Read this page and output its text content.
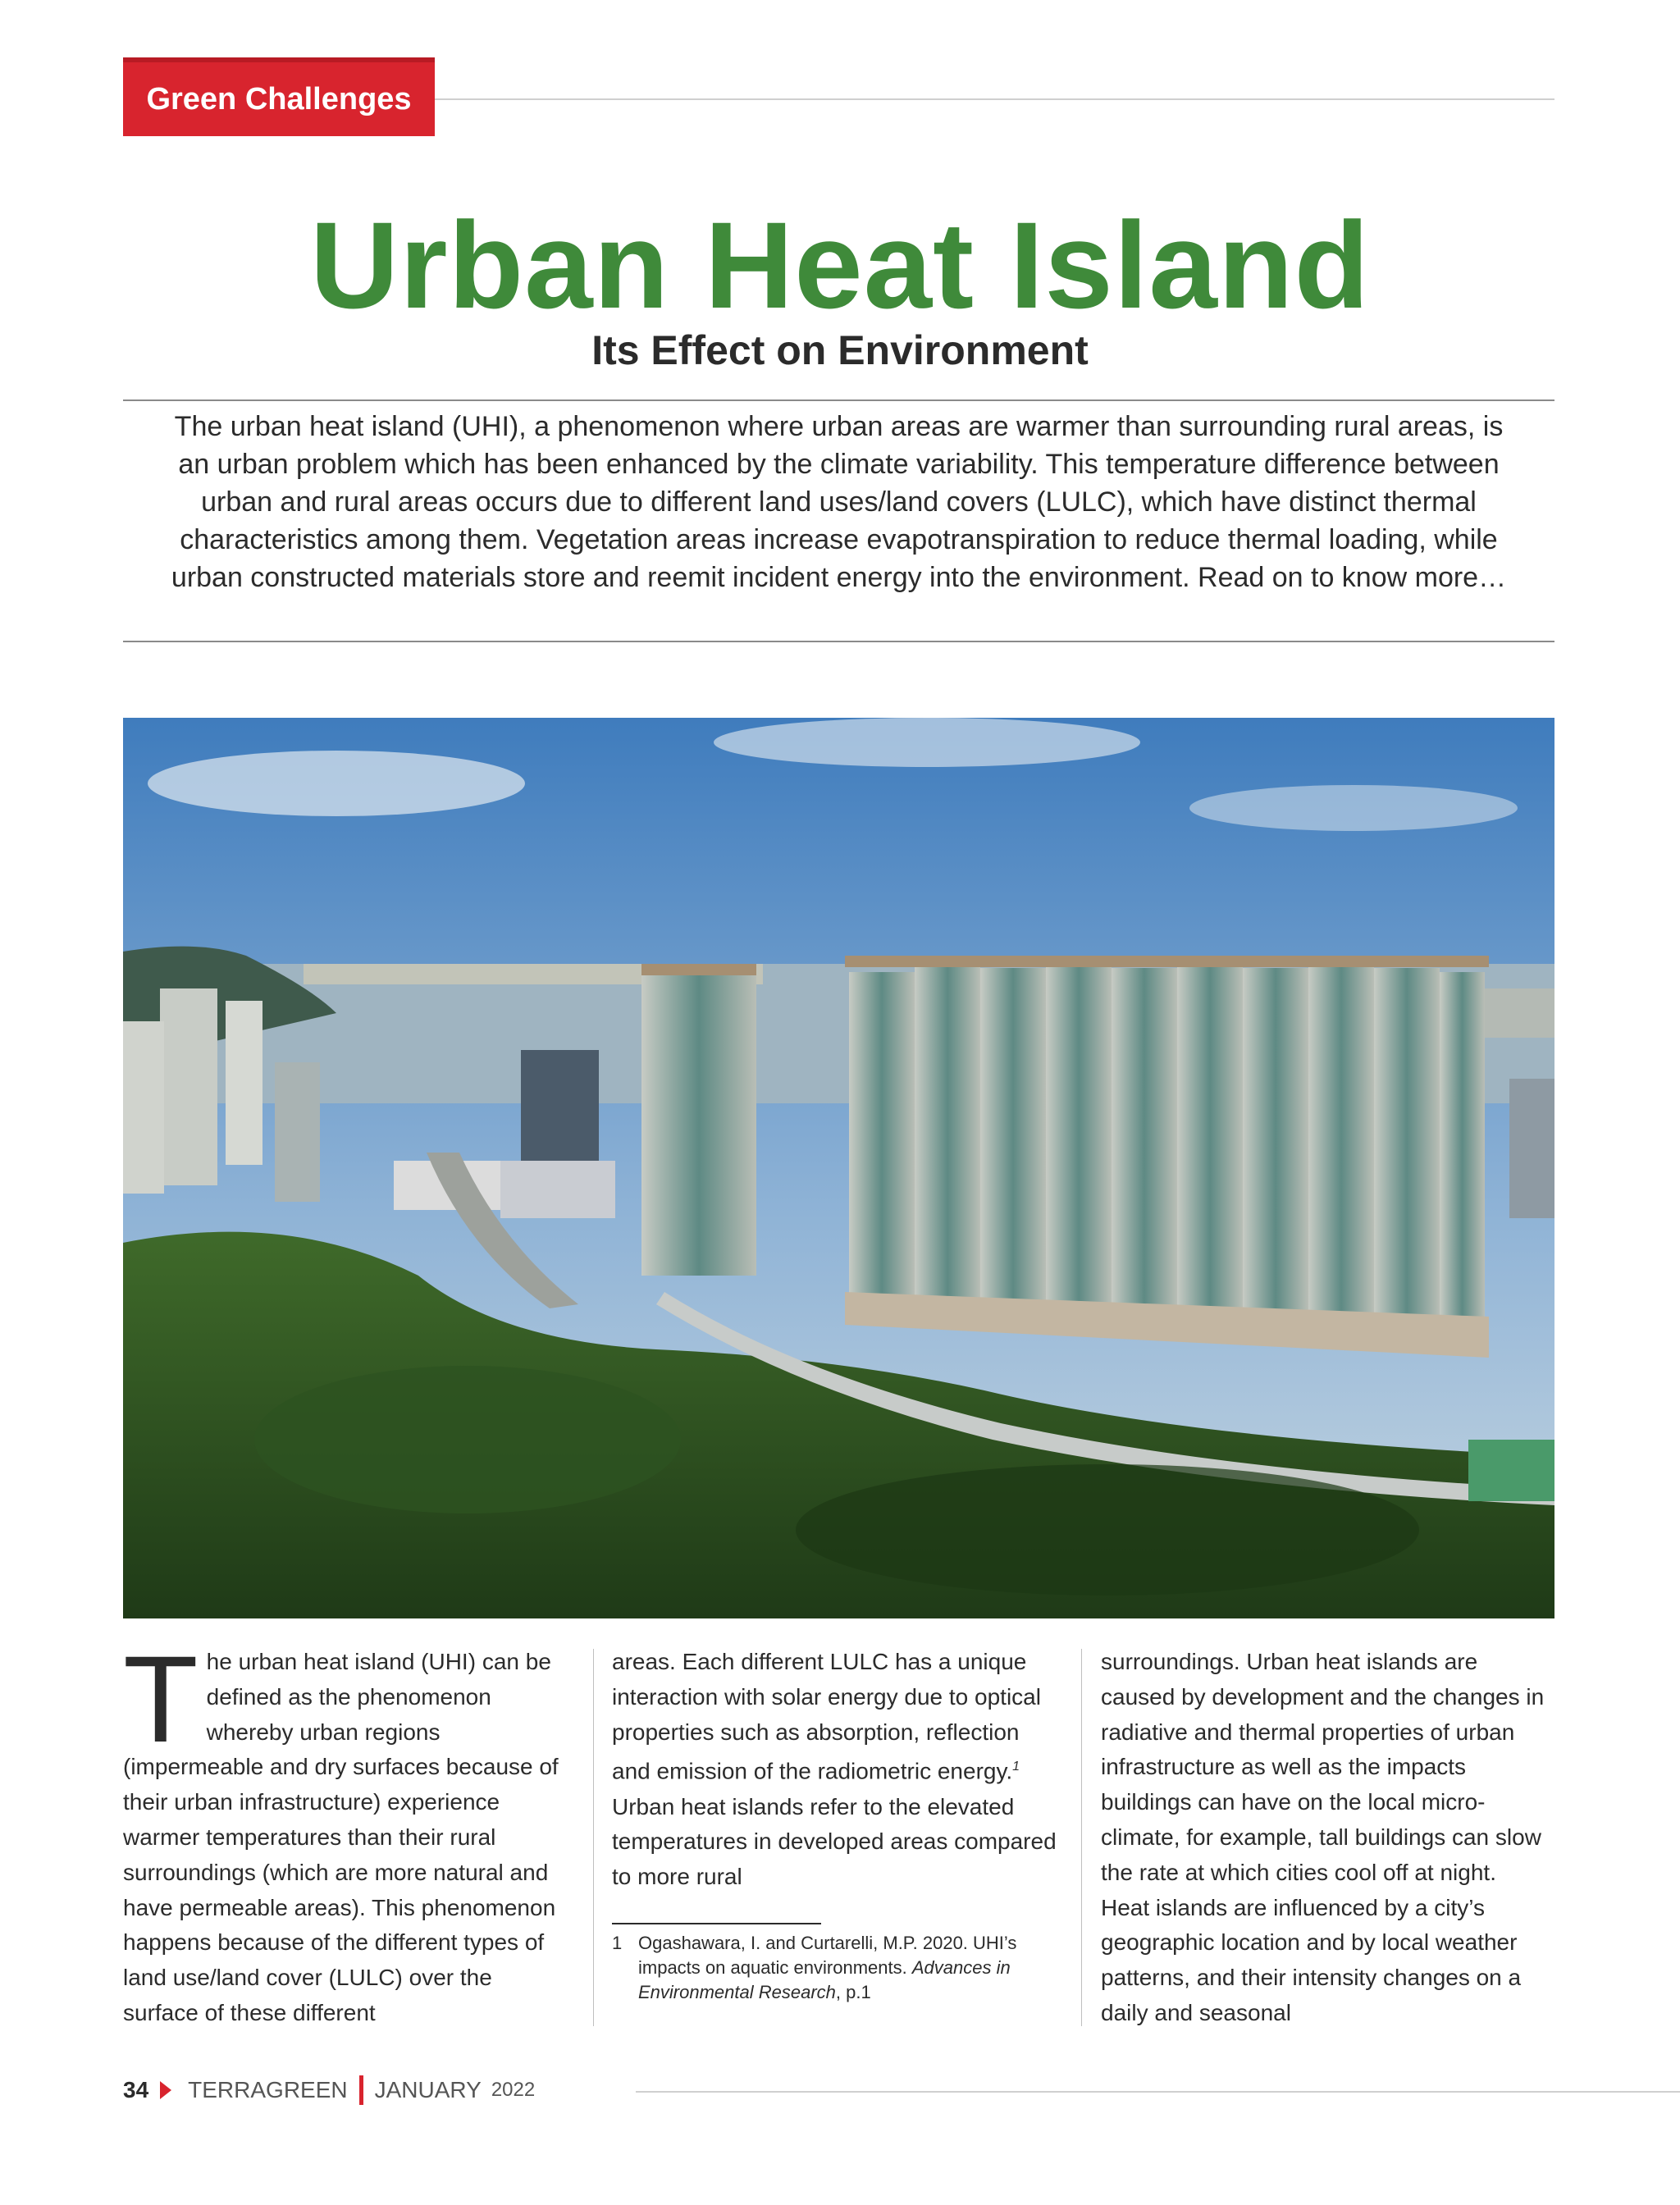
Green Challenges
Urban Heat Island
Its Effect on Environment
The urban heat island (UHI), a phenomenon where urban areas are warmer than surrounding rural areas, is an urban problem which has been enhanced by the climate variability. This temperature difference between urban and rural areas occurs due to different land uses/land covers (LULC), which have distinct thermal characteristics among them. Vegetation areas increase evapotranspiration to reduce thermal loading, while urban constructed materials store and reemit incident energy into the environment. Read on to know more…
The urban heat island (UHI) can be defined as the phenomenon whereby urban regions (impermeable and dry surfaces because of their urban infrastructure) experience warmer temperatures than their rural surroundings (which are more natural and have permeable areas). This phenomenon happens because of the different types of land use/land cover (LULC) over the surface of these different
areas. Each different LULC has a unique interaction with solar energy due to optical properties such as absorption, reflection and emission of the radiometric energy.$^1$ Urban heat islands refer to the elevated temperatures in developed areas compared to more rural
surroundings. Urban heat islands are caused by development and the changes in radiative and thermal properties of urban infrastructure as well as the impacts buildings can have on the local micro-climate, for example, tall buildings can slow the rate at which cities cool off at night. Heat islands are influenced by a city’s geographic location and by local weather patterns, and their intensity changes on a daily and seasonal
1 Ogashawara, I. and Curtarelli, M.P. 2020. UHI’s impacts on aquatic environments. Advances in Environmental Research, p.1
34 TERRAGREEN JANUARY 2022
